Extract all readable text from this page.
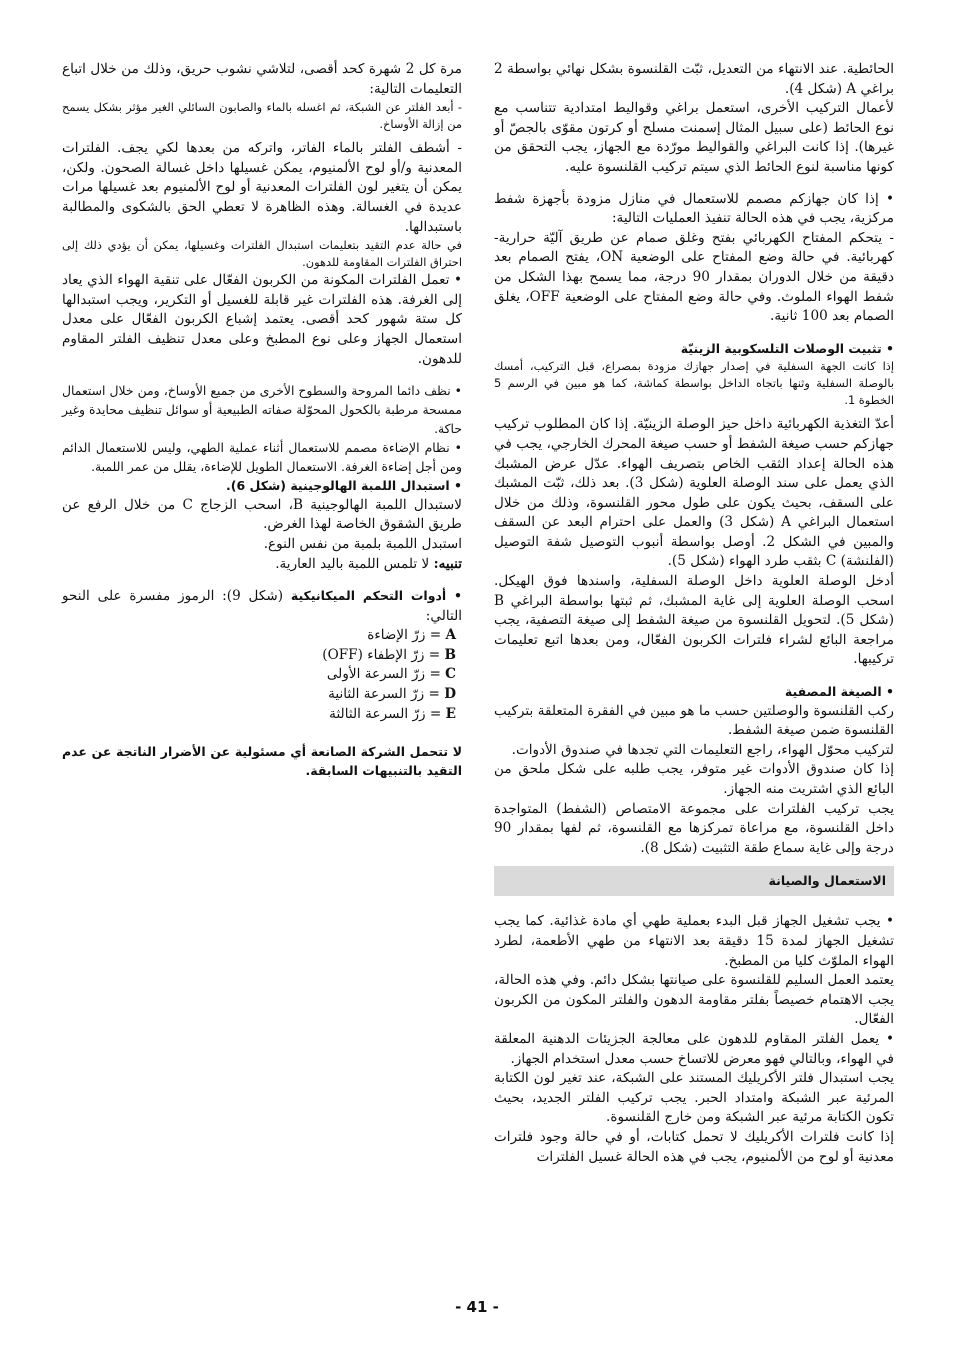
الحائطية. عند الانتهاء من التعديل، ثبّت القلنسوة بشكل نهائي بواسطة 2 براغي A (شكل 4).

لأعمال التركيب الأخرى، استعمل براغي وقواليط امتدادية تتناسب مع نوع الحائط (على سبيل المثال إسمنت مسلح أو كرتون مقوّى بالجصّ أو غيرها). إذا كانت البراغي والقواليط مورّدة مع الجهاز، يجب التحقق من كونها مناسبة لنوع الحائط الذي سيتم تركيب القلنسوة عليه.

• إذا كان جهازكم مصمم للاستعمال في منازل مزودة بأجهزة شفط مركزية، يجب في هذه الحالة تنفيذ العمليات التالية:

- يتحكم المفتاح الكهربائي بفتح وغلق صمام عن طريق آليّة حرارية-كهربائية. في حالة وضع المفتاح على الوضعية ON، يفتح الصمام بعد دقيقة من خلال الدوران بمقدار 90 درجة، مما يسمح بهذا الشكل من شفط الهواء الملوث. وفي حالة وضع المفتاح على الوضعية OFF، يغلق الصمام بعد 100 ثانية.

• تثبيت الوصلات التلسكوبية الزينيّة

إذا كانت الجهة السفلية في إصدار جهازك مزودة بمصراع، قبل التركيب، أمسك بالوصلة السفلية وثنها باتجاه الداخل بواسطة كماشة، كما هو مبين في الرسم 5 الخطوة 1.

أعدّ التغذية الكهربائية داخل حيز الوصلة الزينيّة. إذا كان المطلوب تركيب جهازكم حسب صيغة الشفط أو حسب صيغة المحرك الخارجي، يجب في هذه الحالة إعداد الثقب الخاص بتصريف الهواء. عدّل عرض المشبك الذي يعمل على سند الوصلة العلوية (شكل 3). بعد ذلك، ثبّت المشبك على السقف، بحيث يكون على طول محور القلنسوة، وذلك من خلال استعمال البراغي A (شكل 3) والعمل على احترام البعد عن السقف والمبين في الشكل 2. أوصل بواسطة أنبوب التوصيل شفة التوصيل (الفلنشة) C بثقب طرد الهواء (شكل 5).

أدخل الوصلة العلوية داخل الوصلة السفلية، واسندها فوق الهيكل. اسحب الوصلة العلوية إلى غاية المشبك، ثم ثبتها بواسطة البراغي B (شكل 5). لتحويل القلنسوة من صيغة الشفط إلى صيغة التصفية، يجب مراجعة البائع لشراء فلترات الكربون الفعّال، ومن بعدها اتبع تعليمات تركيبها.

• الصيغة المصفية

ركب القلنسوة والوصلتين حسب ما هو مبين في الفقرة المتعلقة بتركيب القلنسوة ضمن صيغة الشفط.

لتركيب محوّل الهواء، راجع التعليمات التي تجدها في صندوق الأدوات.

إذا كان صندوق الأدوات غير متوفر، يجب طلبه على شكل ملحق من البائع الذي اشتريت منه الجهاز.

يجب تركيب الفلترات على مجموعة الامتصاص (الشفط) المتواجدة داخل القلنسوة، مع مراعاة تمركزها مع القلنسوة، ثم لفها بمقدار 90 درجة وإلى غاية سماع طقة التثبيت (شكل 8).

الاستعمال والصيانة

• يجب تشغيل الجهاز قبل البدء بعملية طهي أي مادة غذائية. كما يجب تشغيل الجهاز لمدة 15 دقيقة بعد الانتهاء من طهي الأطعمة، لطرد الهواء الملوّث كليا من المطبخ.

يعتمد العمل السليم للقلنسوة على صيانتها بشكل دائم. وفي هذه الحالة، يجب الاهتمام خصيصاً بفلتر مقاومة الدهون والفلتر المكون من الكربون الفعّال.

• يعمل الفلتر المقاوم للدهون على معالجة الجزيئات الدهنية المعلقة في الهواء، وبالتالي فهو معرض للاتساخ حسب معدل استخدام الجهاز.

يجب استبدال فلتر الأكريليك المستند على الشبكة، عند تغير لون الكتابة المرئية عبر الشبكة وامتداد الحبر. يجب تركيب الفلتر الجديد، بحيث تكون الكتابة مرئية عبر الشبكة ومن خارج القلنسوة.

إذا كانت فلترات الأكريليك لا تحمل كتابات، أو في حالة وجود فلترات معدنية أو لوح من الألمنيوم، يجب في هذه الحالة غسيل الفلترات

مرة كل 2 شهرة كحد أقصى، لتلاشي نشوب حريق، وذلك من خلال اتباع التعليمات التالية:

- أبعد الفلتر عن الشبكة، ثم اغسله بالماء والصابون السائلي الغير مؤثر بشكل يسمح من إزالة الأوساخ.

- أشطف الفلتر بالماء الفاتر، واتركه من بعدها لكي يجف. الفلترات المعدنية و/أو لوح الألمنيوم، يمكن غسيلها داخل غسالة الصحون. ولكن، يمكن أن يتغير لون الفلترات المعدنية أو لوح الألمنيوم بعد غسيلها مرات عديدة في الغسالة. وهذه الظاهرة لا تعطي الحق بالشكوى والمطالبة باستبدالها.

في حالة عدم التقيد بتعليمات استبدال الفلترات وغسيلها، يمكن أن يؤدي ذلك إلى احتراق الفلترات المقاومة للدهون.

• تعمل الفلترات المكونة من الكربون الفعّال على تنقية الهواء الذي يعاد إلى الغرفة. هذه الفلترات غير قابلة للغسيل أو التكرير، ويجب استبدالها كل ستة شهور كحد أقصى. يعتمد إشباع الكربون الفعّال على معدل استعمال الجهاز وعلى نوع المطبخ وعلى معدل تنظيف الفلتر المقاوم للدهون.

• نظف دائما المروحة والسطوح الأخرى من جميع الأوساخ، ومن خلال استعمال ممسحة مرطبة بالكحول المحوّلة صفاته الطبيعية أو سوائل تنظيف محايدة وغير حاكة.

• نظام الإضاءة مصمم للاستعمال أثناء عملية الطهي، وليس للاستعمال الدائم ومن أجل إضاءة الغرفة. الاستعمال الطويل للإضاءة، يقلل من عمر اللمبة.

• استبدال اللمبة الهالوجينية (شكل 6).

لاستبدال اللمبة الهالوجينية B، اسحب الزجاج C من خلال الرفع عن طريق الشقوق الخاصة لهذا الغرض.

استبدل اللمبة بلمبة من نفس النوع.

تنبيه: لا تلمس اللمبة باليد العارية.

• أدوات التحكم الميكانيكية (شكل 9): الرموز مفسرة على النحو التالي:

A = زرّ الإضاءة

B = زرّ الإطفاء (OFF)

C = زرّ السرعة الأولى

D = زرّ السرعة الثانية

E = زرّ السرعة الثالثة

لا تتحمل الشركة الصانعة أي مسئولية عن الأضرار الناتجة عن عدم التقيد بالتنبيهات السابقة.

- 41 -
